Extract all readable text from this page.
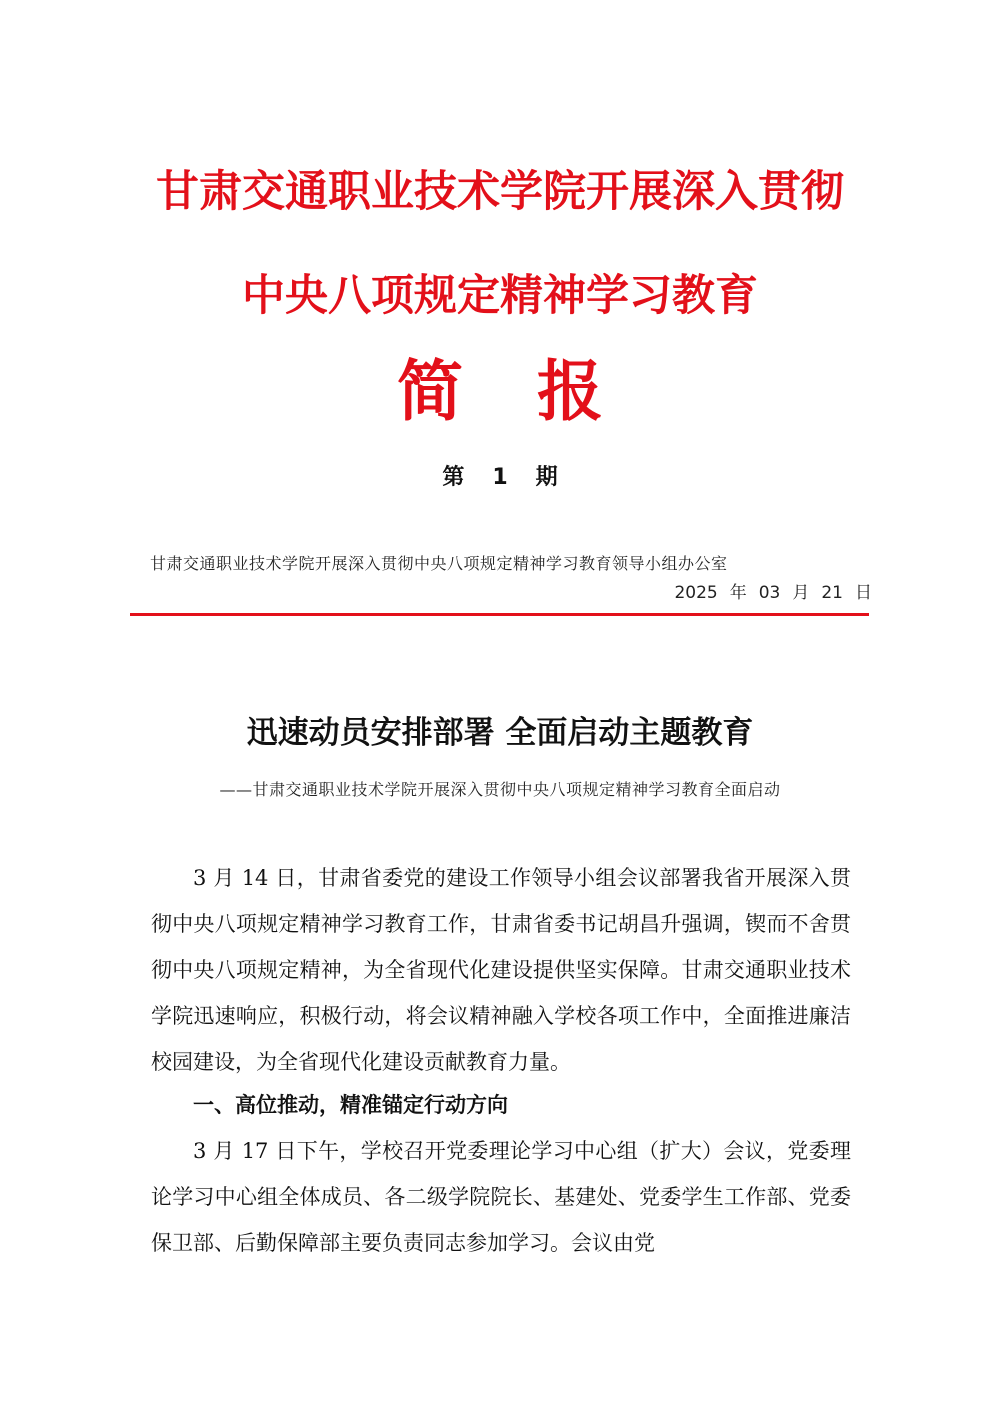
甘肃交通职业技术学院开展深入贯彻
中央八项规定精神学习教育
简 报
第 1 期
甘肃交通职业技术学院开展深入贯彻中央八项规定精神学习教育领导小组办公室
2025 年 03 月 21 日
迅速动员安排部署 全面启动主题教育
——甘肃交通职业技术学院开展深入贯彻中央八项规定精神学习教育全面启动

3 月 14 日，甘肃省委党的建设工作领导小组会议部署我省开展深入贯彻中央八项规定精神学习教育工作，甘肃省委书记胡昌升强调，锲而不舍贯彻中央八项规定精神，为全省现代化建设提供坚实保障。甘肃交通职业技术学院迅速响应，积极行动，将会议精神融入学校各项工作中，全面推进廉洁校园建设，为全省现代化建设贡献教育力量。

一、高位推动，精准锚定行动方向

3 月 17 日下午，学校召开党委理论学习中心组（扩大）会议，党委理论学习中心组全体成员、各二级学院院长、基建处、党委学生工作部、党委保卫部、后勤保障部主要负责同志参加学习。会议由党
